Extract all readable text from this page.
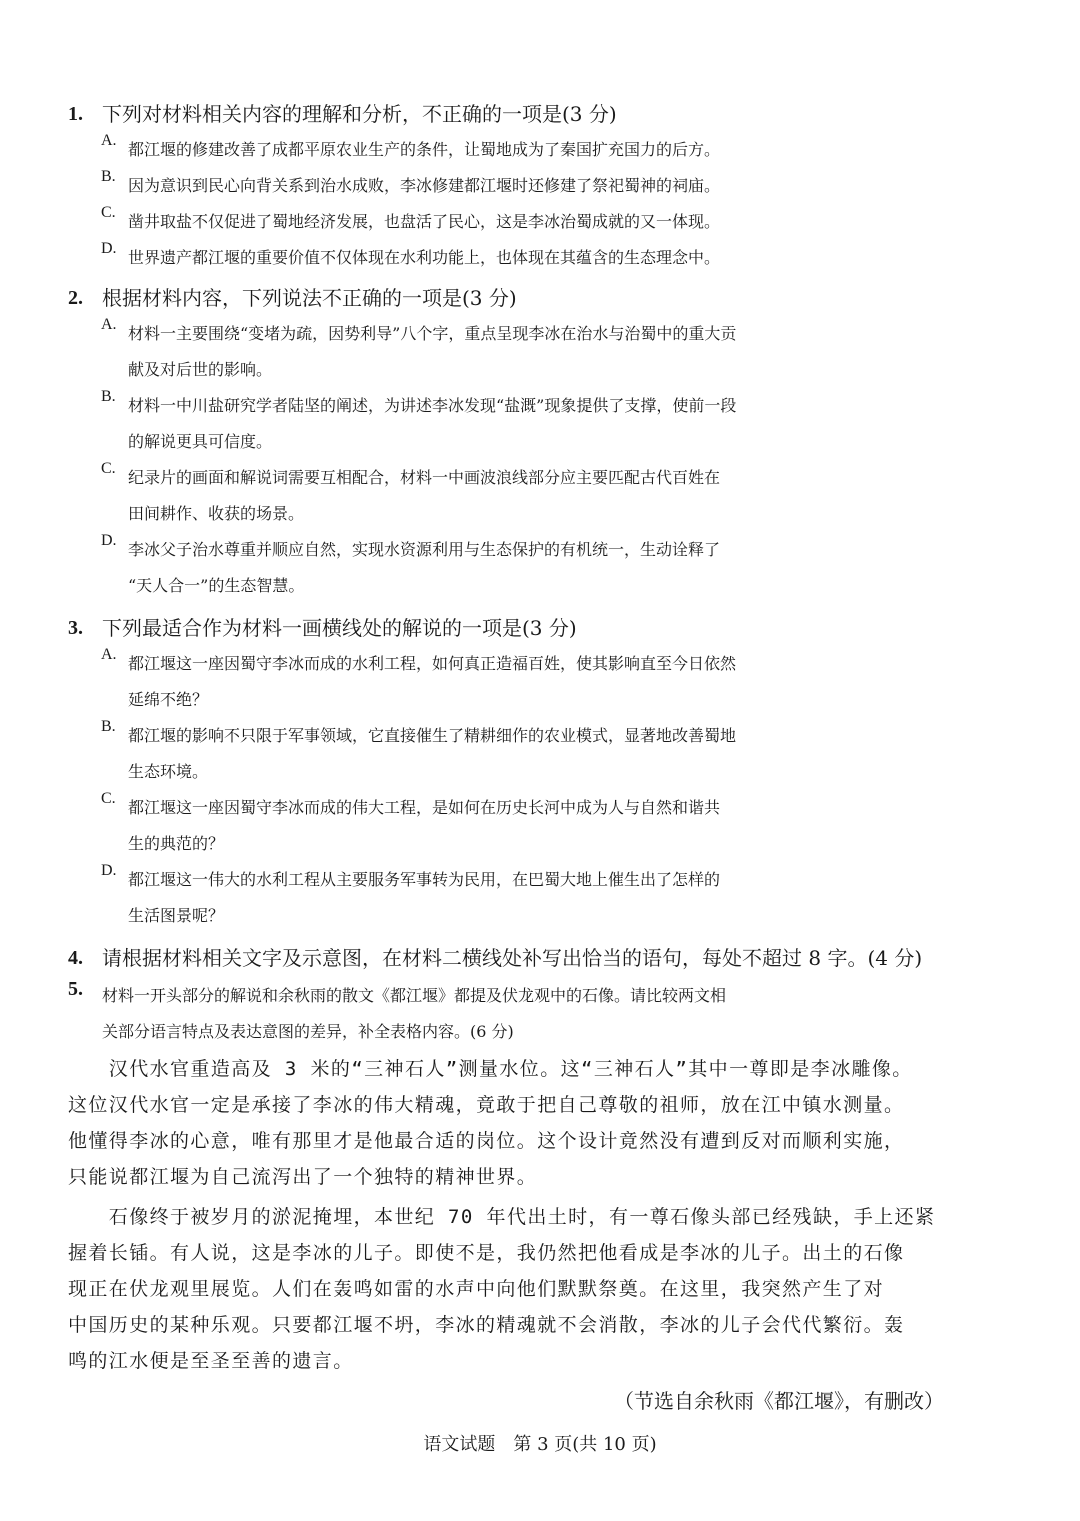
1. 下列对材料相关内容的理解和分析，不正确的一项是(3 分)
A. 都江堰的修建改善了成都平原农业生产的条件，让蜀地成为了秦国扩充国力的后方。
B. 因为意识到民心向背关系到治水成败，李冰修建都江堰时还修建了祭祀蜀神的祠庙。
C. 凿井取盐不仅促进了蜀地经济发展，也盘活了民心，这是李冰治蜀成就的又一体现。
D. 世界遗产都江堰的重要价值不仅体现在水利功能上，也体现在其蕴含的生态理念中。
2. 根据材料内容，下列说法不正确的一项是(3 分)
A. 材料一主要围绕“变堵为疏，因势利导”八个字，重点呈现李冰在治水与治蜀中的重大贡
献及对后世的影响。
B. 材料一中川盐研究学者陆坚的阐述，为讲述李冰发现“盐溉”现象提供了支撑，使前一段
的解说更具可信度。
C. 纪录片的画面和解说词需要互相配合，材料一中画波浪线部分应主要匹配古代百姓在
田间耕作、收获的场景。
D. 李冰父子治水尊重并顺应自然，实现水资源利用与生态保护的有机统一，生动诠释了
“天人合一”的生态智慧。
3. 下列最适合作为材料一画横线处的解说的一项是(3 分)
A. 都江堰这一座因蜀守李冰而成的水利工程，如何真正造福百姓，使其影响直至今日依然
延绵不绝？
B. 都江堰的影响不只限于军事领域，它直接催生了精耕细作的农业模式，显著地改善蜀地
生态环境。
C. 都江堰这一座因蜀守李冰而成的伟大工程，是如何在历史长河中成为人与自然和谐共
生的典范的？
D. 都江堰这一伟大的水利工程从主要服务军事转为民用，在巴蜀大地上催生出了怎样的
生活图景呢？
4. 请根据材料相关文字及示意图，在材料二横线处补写出恰当的语句，每处不超过 8 字。(4 分)
5. 材料一开头部分的解说和余秋雨的散文《都江堰》都提及伏龙观中的石像。请比较两文相
关部分语言特点及表达意图的差异，补全表格内容。(6 分)
　　汉代水官重造高及 3 米的“三神石人”测量水位。这“三神石人”其中一尊即是李冰雕像。
这位汉代水官一定是承接了李冰的伟大精魂，竟敢于把自己尊敬的祖师，放在江中镇水测量。
他懂得李冰的心意，唯有那里才是他最合适的岗位。这个设计竟然没有遭到反对而顺利实施，
只能说都江堰为自己流泻出了一个独特的精神世界。
　　石像终于被岁月的淤泥掩埋，本世纪 70 年代出土时，有一尊石像头部已经残缺，手上还紧
握着长锸。有人说，这是李冰的儿子。即使不是，我仍然把他看成是李冰的儿子。出土的石像
现正在伏龙观里展览。人们在轰鸣如雷的水声中向他们默默祭奠。在这里，我突然产生了对
中国历史的某种乐观。只要都江堰不坍，李冰的精魂就不会消散，李冰的儿子会代代繁衍。轰
鸣的江水便是至圣至善的遗言。
（节选自余秋雨《都江堰》，有删改）
语文试题　第 3 页(共 10 页)
